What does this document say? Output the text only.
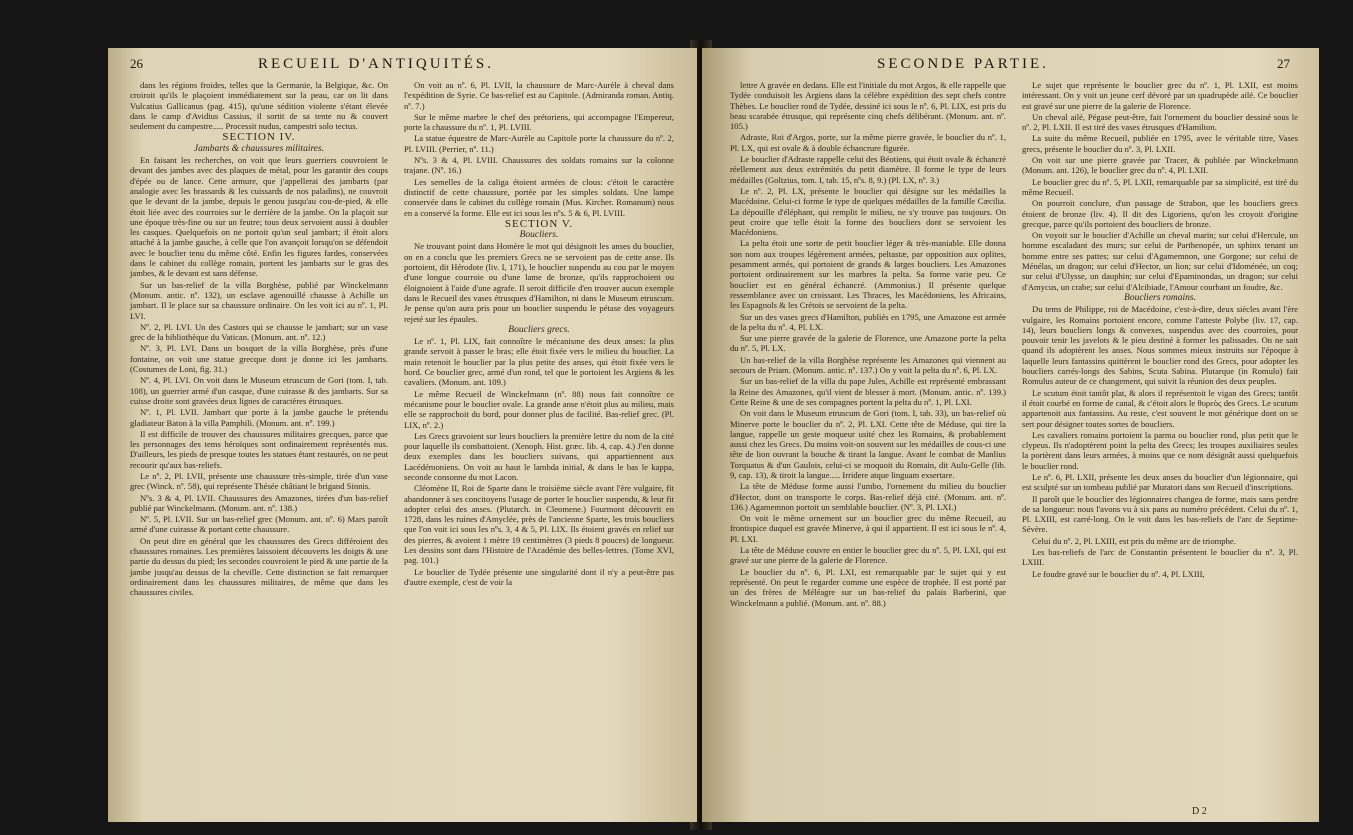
26	RECUEIL D'ANTIQUITÉS.

dans les régions froides, telles que la Germanie, la Belgique, &c. On croiroit qu'ils le plaçoient immédiatement sur la peau, car on lit dans Vulcatius Gallicanus (pag. 415), qu'une sédition violente s'étant élevée dans le camp d'Avidius Cassius, il sortit de sa tente nu & couvert seulement du campestre..... Processit nudus, campestri solo tectus.

SECTION IV.

Jambarts & chaussures militaires.

En faisant les recherches, on voit que leurs guerriers couvroient le devant des jambes avec des plaques de métal, pour les garantir des coups d'épée ou de lance. Cette armure, que j'appellerai des jambarts (par analogie avec les brassards & les cuissards de nos paladins), ne couvroit que le devant de la jambe, depuis le genou jusqu'au cou-de-pied, & elle étoit liée avec des courroies sur le derrière de la jambe. On la plaçoit sur une époque très-fine ou sur un feutre; tous deux servoient aussi à doubler les casques. Quelquefois on ne portoit qu'un seul jambart; il étoit alors attaché à la jambe gauche, à celle que l'on avançoit lorsqu'on se défendoit avec le bouclier tenu du même côté. Enfin les figures fardes, conservées dans le cabinet du collège romain, portent les jambarts sur le gras des jambes, & le devant est sans défense.

Sur un bas-relief de la villa Borghèse, publié par Winckelmann (Monum. antic. nº. 132), un esclave agenouillé chausse à Achille un jambart. Il le place sur sa chaussure ordinaire. On les voit ici au nº. 1, Pl. LVI.

Nº. 2, Pl. LVI. Un des Castors qui se chausse le jambart; sur un vase grec de la bibliothèque du Vatican. (Monum. ant. nº. 12.)

Nº. 3, Pl. LVI. Dans un bosquet de la villa Borghèse, près d'une fontaine, on voit une statue grecque dont je donne ici les jambarts. (Costumes de Loni, fig. 31.)

Nº. 4, Pl. LVI. On voit dans le Museum etruscum de Gori (tom. I, tab. 108), un guerrier armé d'un casque, d'une cuirasse & des jambarts. Sur sa cuisse droite sont gravées deux lignes de caractères étrusques.

Nº. 1, Pl. LVII. Jambart que porte à la jambe gauche le prétendu gladiateur Baton à la villa Pamphili. (Monum. ant. nº. 199.)

Il est difficile de trouver des chaussures militaires grecques, parce que les personnages des tems héroïques sont ordinairement représentés nus. D'ailleurs, les pieds de presque toutes les statues étant restaurés, on ne peut recourir qu'aux bas-reliefs.

Le nº. 2, Pl. LVII, présente une chaussure très-simple, tirée d'un vase grec (Winck. nº. 58), qui représente Thésée châtiant le brigand Sinnis.

Nºs. 3 & 4, Pl. LVII. Chaussures des Amazones, tirées d'un bas-relief publié par Winckelmann. (Monum. ant. nº. 138.)

Nº. 5, Pl. LVII. Sur un bas-relief grec (Monum. ant. nº. 6) Mars paroît armé d'une cuirasse & portant cette chaussure.

On peut dire en général que les chaussures des Grecs différoient des chaussures romaines. Les premières laissoient découverts les doigts & une partie du dessus du pied; les secondes couvroient le pied & une partie de la jambe jusqu'au dessus de la cheville. Cette distinction se fait remarquer ordinairement dans les chaussures militaires, de même que dans les chaussures civiles.

On voit au nº. 6, Pl. LVII, la chaussure de Marc-Aurèle à cheval dans l'expédition de Syrie. Ce bas-relief est au Capitole. (Admiranda roman. Antiq. nº. 7.)

Sur le même marbre le chef des prétoriens, qui accompagne l'Empereur, porte la chaussure du nº. 1, Pl. LVIII.

La statue équestre de Marc-Aurèle au Capitole porte la chaussure du nº. 2, Pl. LVIII. (Perrier, nº. 11.)

Nºs. 3 & 4, Pl. LVIII. Chaussures des soldats romains sur la colonne trajane. (Nº. 16.)

Les semelles de la caliga étoient armées de clous: c'étoit le caractère distinctif de cette chaussure, portée par les simples soldats. Une lampe conservée dans le cabinet du collège romain (Mus. Kircher. Romanum) nous en a conservé la forme. Elle est ici sous les nºs. 5 & 6, Pl. LVIII.

SECTION V.

Boucliers.

Ne trouvant point dans Homère le mot qui désignoit les anses du bouclier, on en a conclu que les premiers Grecs ne se servoient pas de cette anse. Ils portoient, dit Hérodote (liv. I, 171), le bouclier suspendu au cou par le moyen d'une longue courroie ou d'une lame de bronze, qu'ils rapprochoient ou éloignoient à l'aide d'une agrafe. Il seroit difficile d'en trouver aucun exemple dans le Recueil des vases étrusques d'Hamilton, ni dans le Museum etruscum. Je pense qu'on aura pris pour un bouclier suspendu le pétase des voyageurs rejeté sur les épaules.

Boucliers grecs.

Le nº. 1, Pl. LIX, fait connoître le mécanisme des deux anses: la plus grande servoit à passer le bras; elle étoit fixée vers le milieu du bouclier. La main retenoit le bouclier par la plus petite des anses, qui étoit fixée vers le bord. Ce bouclier grec, armé d'un rond, tel que le portoient les Argiens & les cavaliers. (Monum. ant. 109.)

Le même Recueil de Winckelmann (nº. 88) nous fait connoître ce mécanisme pour le bouclier ovale. La grande anse n'étoit plus au milieu, mais elle se rapprochoit du bord, pour donner plus de facilité. Bas-relief grec. (Pl. LIX, nº. 2.)

Les Grecs gravoient sur leurs boucliers la première lettre du nom de la cité pour laquelle ils combattoient. (Xenoph. Hist. græc. lib. 4, cap. 4.) J'en donne deux exemples dans les boucliers suivans, qui appartiennent aux Lacédémoniens. On voit au haut le lambda initial, & dans le bas le kappa, seconde consonne du mot Lacon.

Cléomène II, Roi de Sparte dans le troisième siècle avant l'ère vulgaire, fit abandonner à ses concitoyens l'usage de porter le bouclier suspendu, & leur fit adopter celui des anses. (Plutarch. in Cleomene.) Fourmont découvrit en 1728, dans les ruines d'Amyclée, près de l'ancienne Sparte, les trois boucliers que l'on voit ici sous les nºs. 3, 4 & 5, Pl. LIX. Ils étoient gravés en relief sur des pierres, & avoient 1 mètre 19 centimètres (3 pieds 8 pouces) de longueur. Les dessins sont dans l'Histoire de l'Académie des belles-lettres. (Tome XVI, pag. 101.)

Le bouclier de Tydée présente une singularité dont il n'y a peut-être pas d'autre exemple, c'est de voir la

SECONDE PARTIE.	27

lettre A gravée en dedans. Elle est l'initiale du mot Argos, & elle rappelle que Tydée conduisoit les Argiens dans la célèbre expédition des sept chefs contre Thèbes. Le bouclier rond de Tydée, dessiné ici sous le nº. 6, Pl. LIX, est pris du beau scarabée étrusque, qui représente cinq chefs délibérant. (Monum. ant. nº. 105.)

Adraste, Roi d'Argos, porte, sur la même pierre gravée, le bouclier du nº. 1, Pl. LX, qui est ovale & à double échancrure figurée.

Le bouclier d'Adraste rappelle celui des Béotiens, qui étoit ovale & échancré réellement aux deux extrémités du petit diamètre. Il forme le type de leurs médailles (Goltzius, tom. I, tab. 15, nºs. 8, 9.) (Pl. LX, nº. 3.)

Le nº. 2, Pl. LX, présente le bouclier qui désigne sur les médailles la Macédoine. Celui-ci forme le type de quelques médailles de la famille Cæcilia. La dépouille d'éléphant, qui remplit le milieu, ne s'y trouve pas toujours. On peut croire que telle étoit la forme des boucliers dont se servoient les Macédoniens.

La pelta étoit une sorte de petit bouclier léger & très-maniable. Elle donna son nom aux troupes légèrement armées, peltastæ, par opposition aux oplites, pesamment armés, qui portoient de grands & larges boucliers. Les Amazones portoient ordinairement sur les marbres la pelta. Sa forme varie peu. Ce bouclier est en général échancré. (Ammonius.) Il présente quelque ressemblance avec un croissant. Les Thraces, les Macédoniens, les Africains, les Espagnols & les Crétois se servoient de la pelta.

Sur un des vases grecs d'Hamilton, publiés en 1795, une Amazone est armée de la pelta du nº. 4, Pl. LX.

Sur une pierre gravée de la galerie de Florence, une Amazone porte la pelta du nº. 5, Pl. LX.

Un bas-relief de la villa Borghèse représente les Amazones qui viennent au secours de Priam. (Monum. antic. nº. 137.) On y voit la pelta du nº. 6, Pl. LX.

Sur un bas-relief de la villa du pape Jules, Achille est représenté embrassant la Reine des Amazones, qu'il vient de blesser à mort. (Monum. antic. nº. 139.) Cette Reine & une de ses compagnes portent la pelta du nº. 1, Pl. LXI.

On voit dans le Museum etruscum de Gori (tom. I, tab. 33), un bas-relief où Minerve porte le bouclier du nº. 2, Pl. LXI. Cette tête de Méduse, qui tire la langue, rappelle un geste moqueur usité chez les Romains, & probablement aussi chez les Grecs. Du moins voit-on souvent sur les médailles de cous-ci une tête de lion ouvrant la bouche & tirant la langue. Avant le combat de Manlius Torquatus & d'un Gaulois, celui-ci se moquoit du Romain, dit Aulu-Gelle (lib. 9, cap. 13), & tiroit la langue..... Irridere atque linguam exsertare.

La tête de Méduse forme aussi l'umbo, l'ornement du milieu du bouclier d'Hector, dont on transporte le corps. Bas-relief déjà cité. (Monum. ant. nº. 136.) Agamemnon portoit un semblable bouclier. (Nº. 3, Pl. LXI.)

On voit le même ornement sur un bouclier grec du même Recueil, au frontispice duquel est gravée Minerve, à qui il appartient. Il est ici sous le nº. 4, Pl. LXI.

La tête de Méduse couvre en entier le bouclier grec du nº. 5, Pl. LXI, qui est gravé sur une pierre de la galerie de Florence.

Le bouclier du nº. 6, Pl. LXI, est remarquable par le sujet qui y est représenté. On peut le regarder comme une espèce de trophée. Il est porté par un des frères de Méléagre sur un bas-relief du palais Barberini, que Winckelmann a publié. (Monum. ant. nº. 88.)

Le sujet que représente le bouclier grec du nº. 1, Pl. LXII, est moins intéressant. On y voit un jeune cerf dévoré par un quadrupède ailé. Ce bouclier est gravé sur une pierre de la galerie de Florence.

Un cheval ailé, Pégase peut-être, fait l'ornement du bouclier dessiné sous le nº. 2, Pl. LXII. Il est tiré des vases étrusques d'Hamilton.

La suite du même Recueil, publiée en 1795, avec le véritable titre, Vases grecs, présente le bouclier du nº. 3, Pl. LXII.

On voit sur une pierre gravée par Tracer, & publiée par Winckelmann (Monum. ant. 126), le bouclier grec du nº. 4, Pl. LXII.

Le bouclier grec du nº. 5, Pl. LXII, remarquable par sa simplicité, est tiré du même Recueil.

On pourroit conclure, d'un passage de Strabon, que les boucliers grecs étoient de bronze (liv. 4). Il dit des Ligoriens, qu'on les croyoit d'origine grecque, parce qu'ils portoient des boucliers de bronze.

On voyoit sur le bouclier d'Achille un cheval marin; sur celui d'Hercule, un homme escaladant des murs; sur celui de Parthenopée, un sphinx tenant un homme entre ses pattes; sur celui d'Agamemnon, une Gorgone; sur celui de Ménélas, un dragon; sur celui d'Hector, un lion; sur celui d'Idoménée, un coq; sur celui d'Ulysse, un dauphin; sur celui d'Epaminondas, un dragon; sur celui d'Amycus, un crabe; sur celui d'Alcibiade, l'Amour courbant un foudre, &c.

Boucliers romains.

Du tems de Philippe, roi de Macédoine, c'est-à-dire, deux siècles avant l'ère vulgaire, les Romains portoient encore, comme l'atteste Polybe (liv. 17, cap. 14), leurs boucliers longs & convexes, suspendus avec des courroies, pour pouvoir tenir les javelots & le pieu destiné à former les palissades. On ne sait quand ils adoptèrent les anses. Nous sommes mieux instruits sur l'époque à laquelle leurs fantassins quittèrent le bouclier rond des Grecs, pour adopter les boucliers carrés-longs des Sabins, Scuta Sabina. Plutarque (in Romulo) fait Romulus auteur de ce changement, qui suivit la réunion des deux peuples.

Le scutum étoit tantôt plat, & alors il représentoit le vigan des Grecs; tantôt il étoit courbé en forme de canal, & c'étoit alors le θυρεὸς des Grecs. Le scutum appartenoit aux fantassins. Au reste, c'est souvent le mot générique dont on se sert pour désigner toutes sortes de boucliers.

Les cavaliers romains portoient la parma ou bouclier rond, plus petit que le clypeus. Ils n'adoptèrent point la pelta des Grecs; les troupes auxiliaires seules la portèrent dans leurs armées, à moins que ce nom désignât aussi quelquefois le bouclier rond.

Le nº. 6, Pl. LXII, présente les deux anses du bouclier d'un légionnaire, qui est sculpté sur un tombeau publié par Muratori dans son Recueil d'inscriptions.

Il paroît que le bouclier des légionnaires changea de forme, mais sans perdre de sa longueur: nous l'avons vu à six pans au numéro précédent. Celui du nº. 1, Pl. LXIII, est carré-long. On le voit dans les bas-reliefs de l'arc de Septime-Sévère.

Celui du nº. 2, Pl. LXIII, est pris du même arc de triomphe.

Les bas-reliefs de l'arc de Constantin présentent le bouclier du nº. 3, Pl. LXIII.

Le foudre gravé sur le bouclier du nº. 4, Pl. LXIII,

D 2
